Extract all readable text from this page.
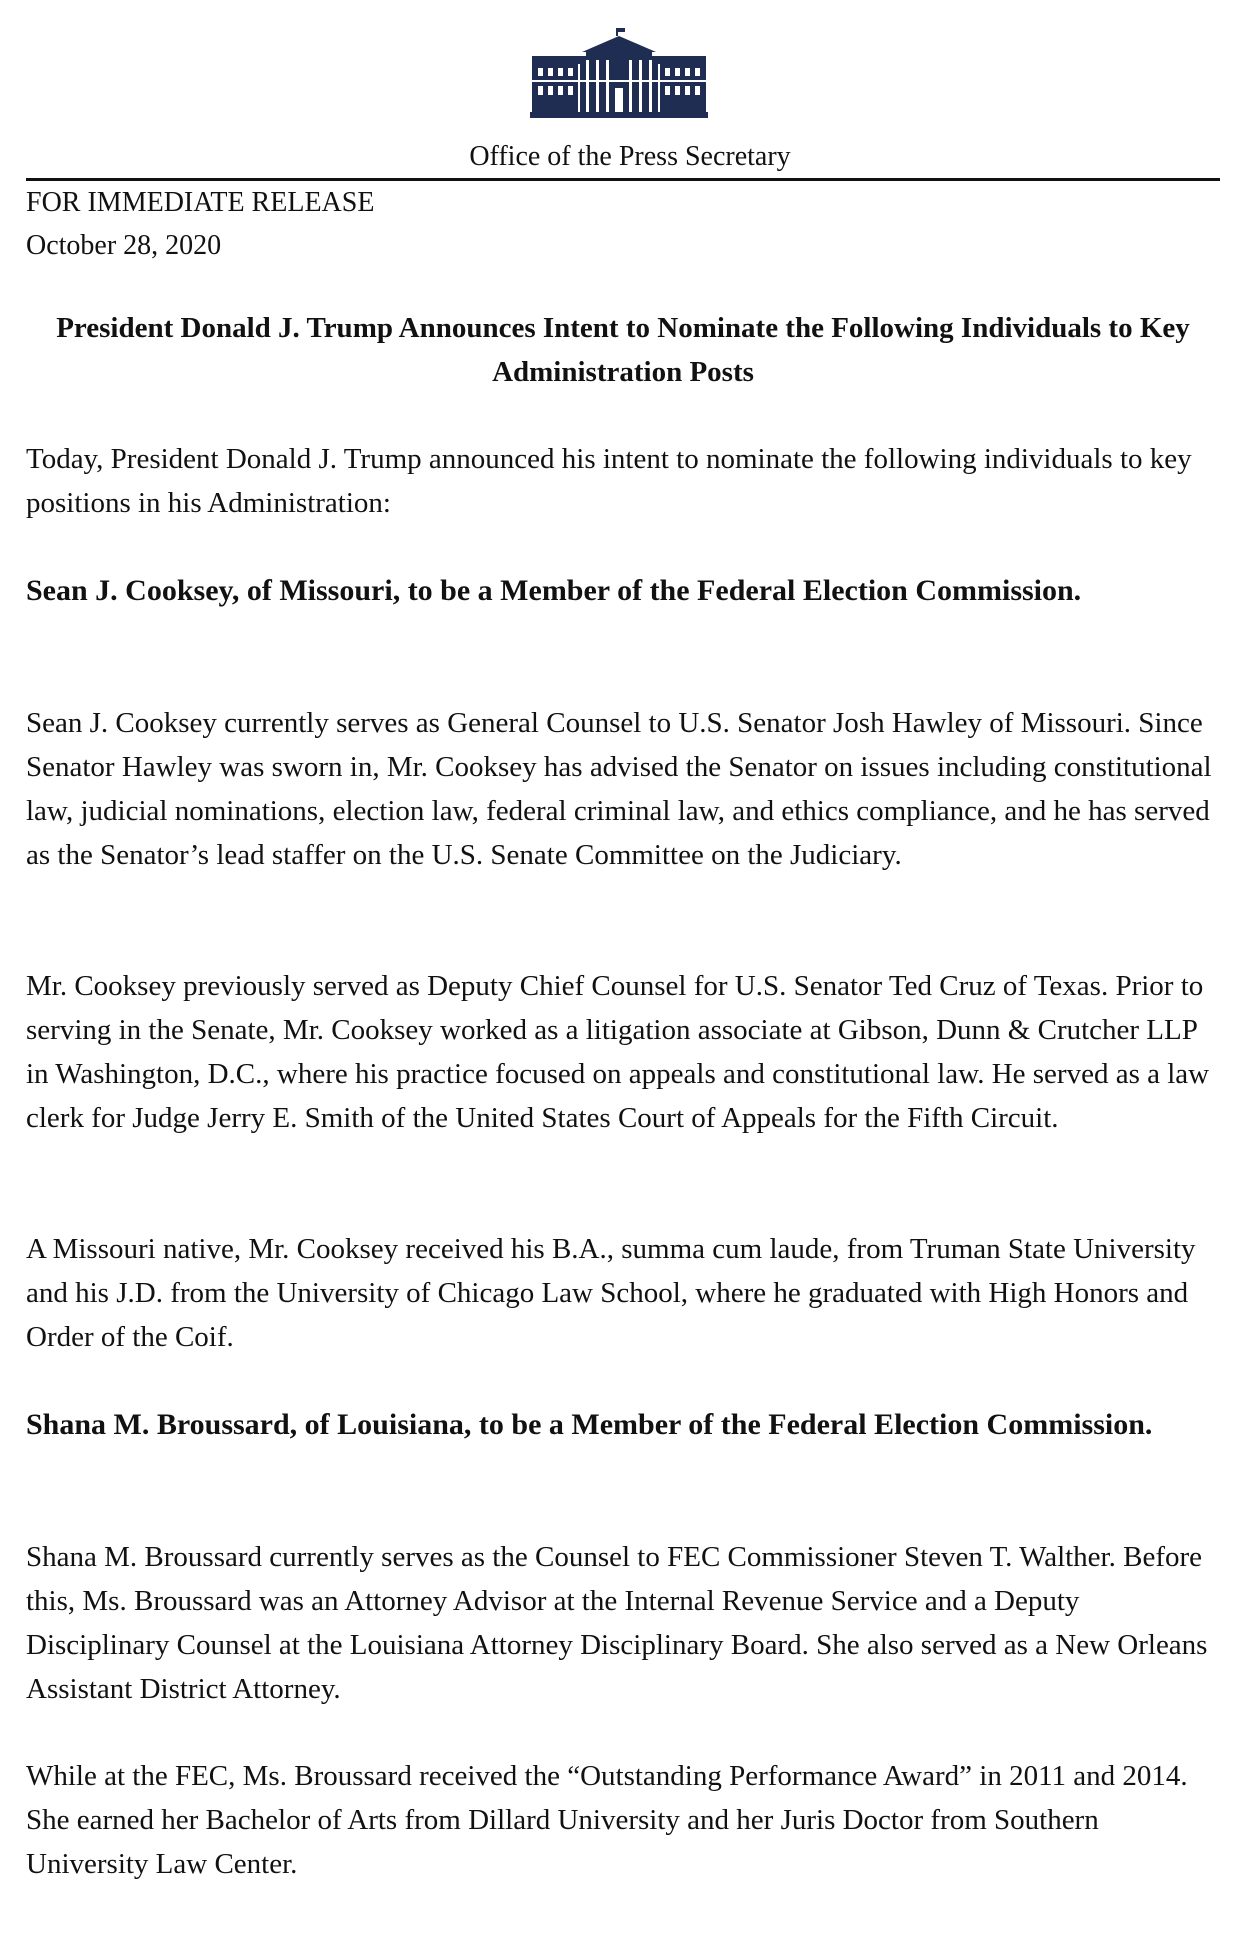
Office of the Press Secretary
FOR IMMEDIATE RELEASE
October 28, 2020
President Donald J. Trump Announces Intent to Nominate the Following Individuals to Key Administration Posts

Today, President Donald J. Trump announced his intent to nominate the following individuals to key positions in his Administration:

Sean J. Cooksey, of Missouri, to be a Member of the Federal Election Commission.
Sean J. Cooksey currently serves as General Counsel to U.S. Senator Josh Hawley of Missouri. Since Senator Hawley was sworn in, Mr. Cooksey has advised the Senator on issues including constitutional law, judicial nominations, election law, federal criminal law, and ethics compliance, and he has served as the Senator’s lead staffer on the U.S. Senate Committee on the Judiciary.
Mr. Cooksey previously served as Deputy Chief Counsel for U.S. Senator Ted Cruz of Texas. Prior to serving in the Senate, Mr. Cooksey worked as a litigation associate at Gibson, Dunn & Crutcher LLP in Washington, D.C., where his practice focused on appeals and constitutional law. He served as a law clerk for Judge Jerry E. Smith of the United States Court of Appeals for the Fifth Circuit.
A Missouri native, Mr. Cooksey received his B.A., summa cum laude, from Truman State University and his J.D. from the University of Chicago Law School, where he graduated with High Honors and Order of the Coif.
Shana M. Broussard, of Louisiana, to be a Member of the Federal Election Commission.
Shana M. Broussard currently serves as the Counsel to FEC Commissioner Steven T. Walther. Before this, Ms. Broussard was an Attorney Advisor at the Internal Revenue Service and a Deputy Disciplinary Counsel at the Louisiana Attorney Disciplinary Board. She also served as a New Orleans Assistant District Attorney.
While at the FEC, Ms. Broussard received the “Outstanding Performance Award” in 2011 and 2014. She earned her Bachelor of Arts from Dillard University and her Juris Doctor from Southern University Law Center.
